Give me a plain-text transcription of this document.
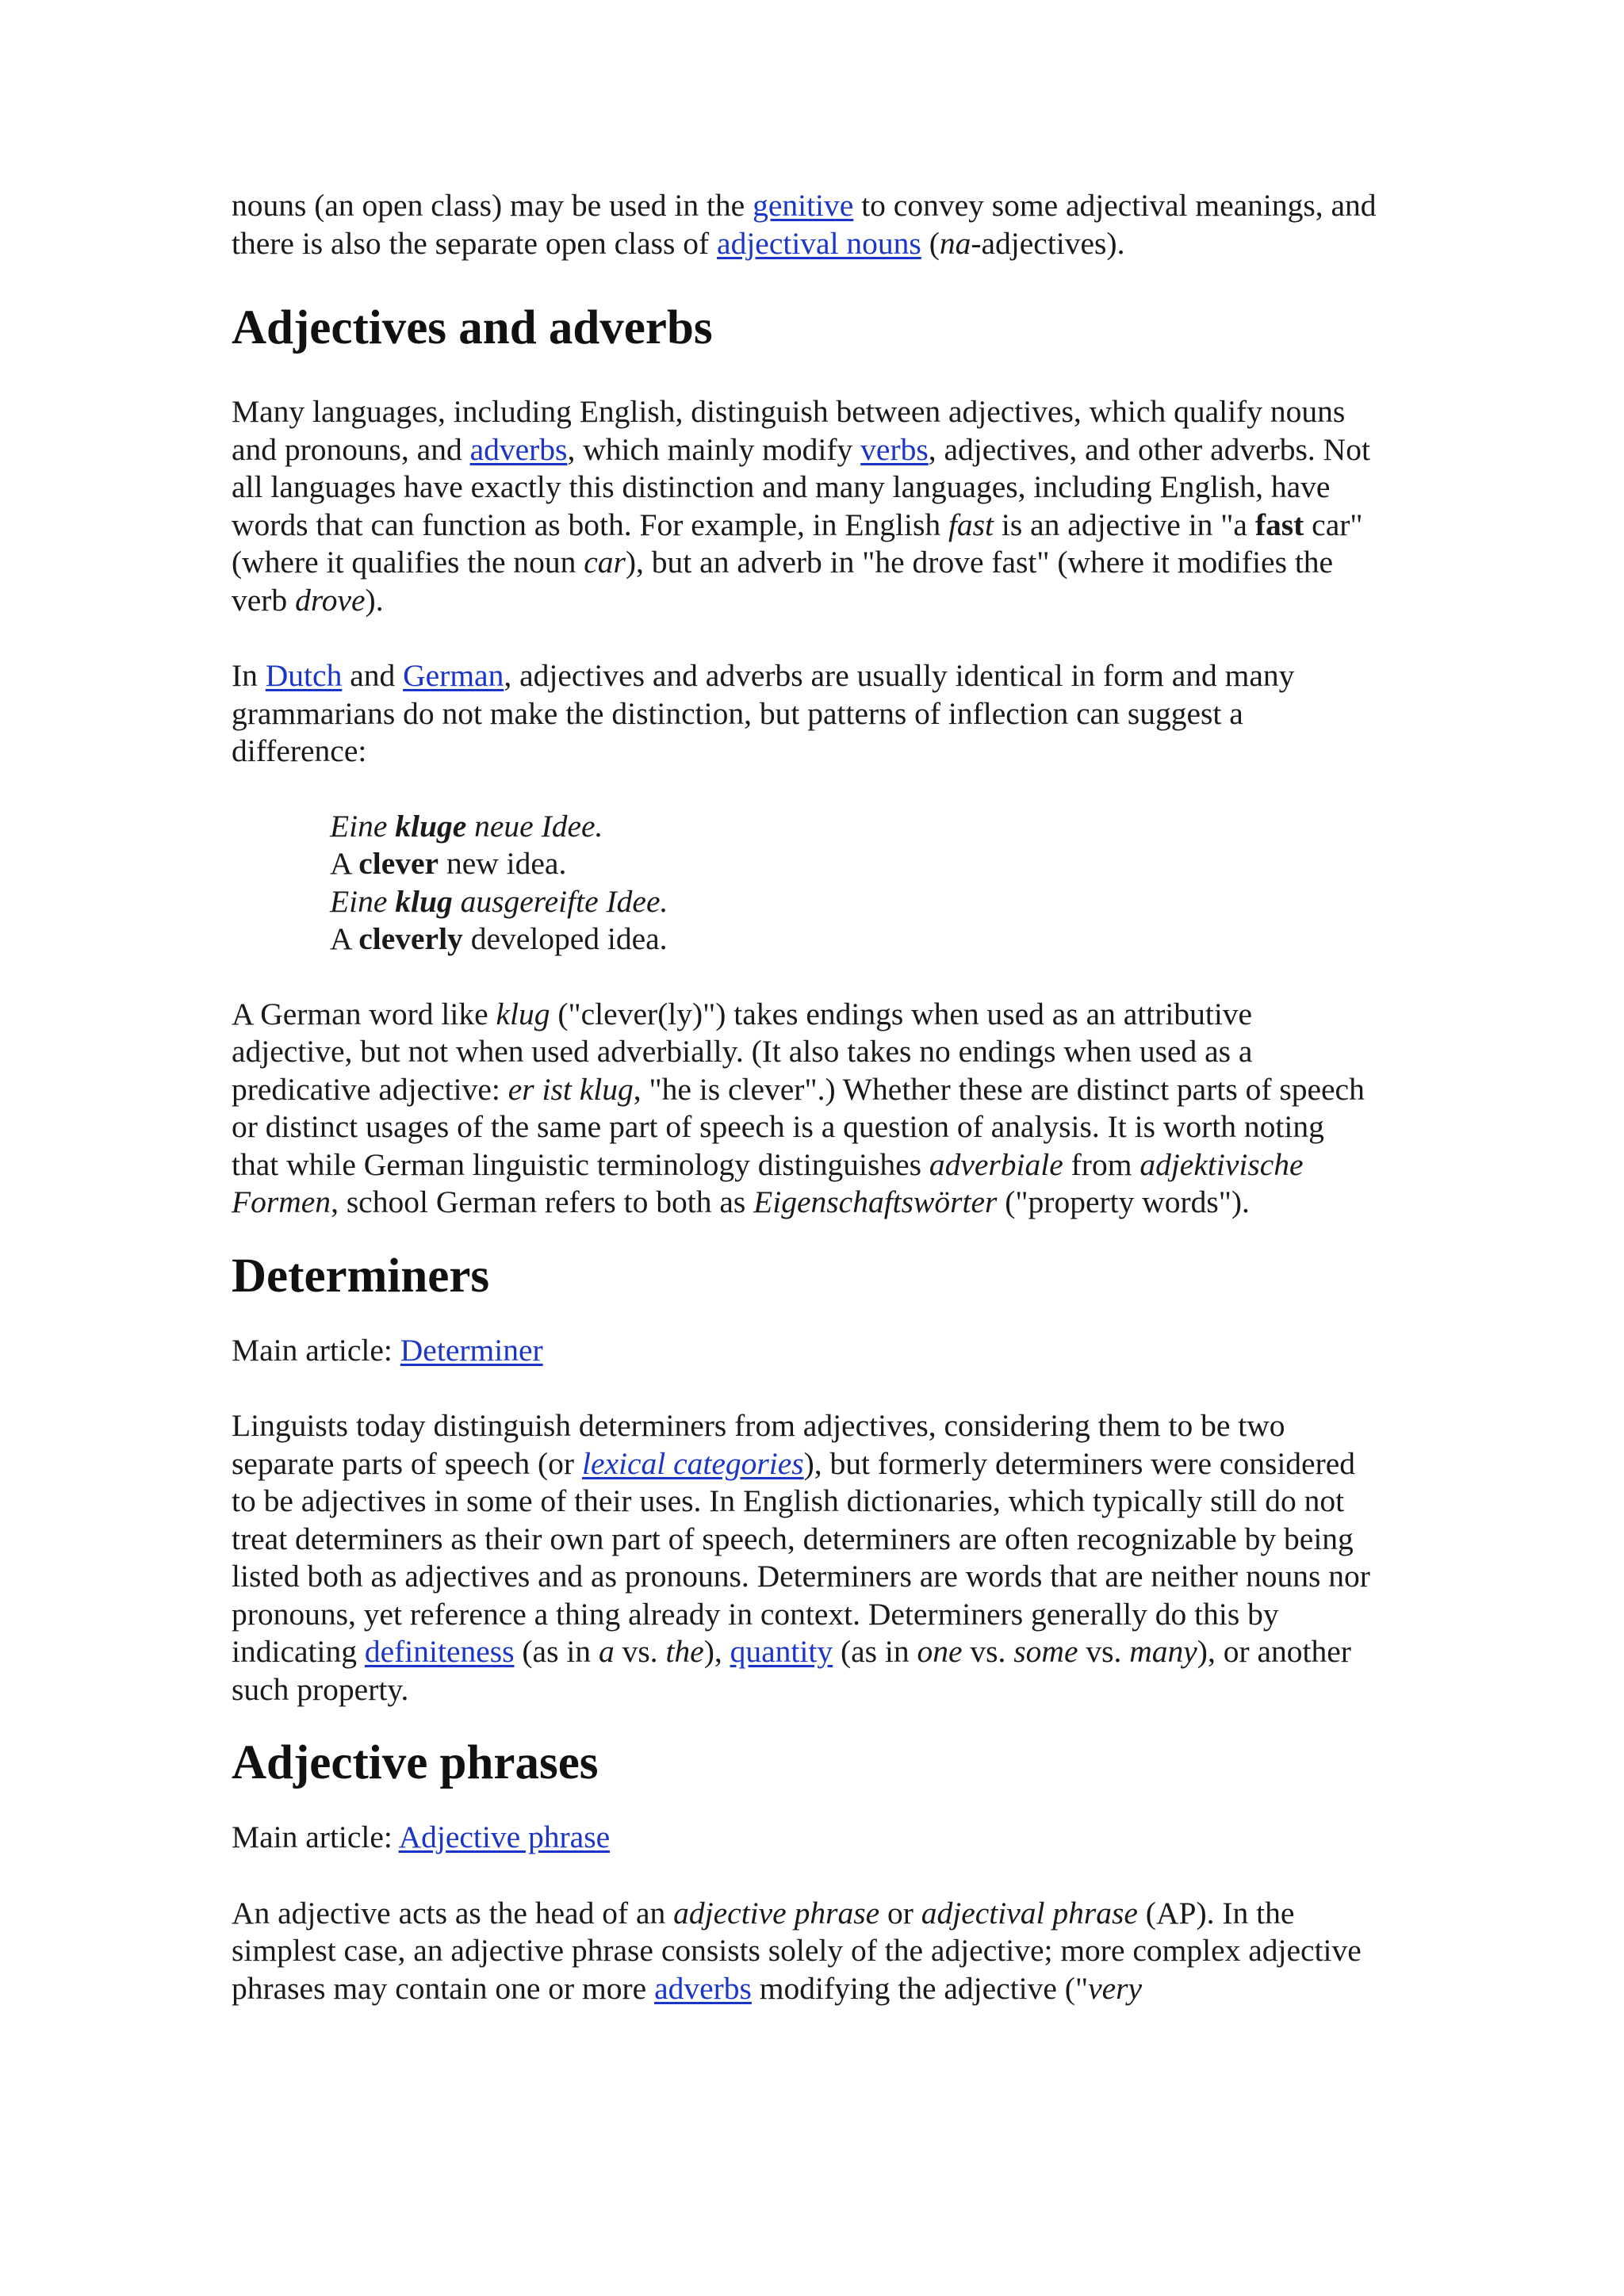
nouns (an open class) may be used in the genitive to convey some adjectival meanings, and there is also the separate open class of adjectival nouns (na-adjectives).

Adjectives and adverbs

Many languages, including English, distinguish between adjectives, which qualify nouns and pronouns, and adverbs, which mainly modify verbs, adjectives, and other adverbs. Not all languages have exactly this distinction and many languages, including English, have words that can function as both. For example, in English fast is an adjective in "a fast car" (where it qualifies the noun car), but an adverb in "he drove fast" (where it modifies the verb drove).

In Dutch and German, adjectives and adverbs are usually identical in form and many grammarians do not make the distinction, but patterns of inflection can suggest a difference:

Eine kluge neue Idee.
A clever new idea.
Eine klug ausgereifte Idee.
A cleverly developed idea.

A German word like klug ("clever(ly)") takes endings when used as an attributive adjective, but not when used adverbially. (It also takes no endings when used as a predicative adjective: er ist klug, "he is clever".) Whether these are distinct parts of speech or distinct usages of the same part of speech is a question of analysis. It is worth noting that while German linguistic terminology distinguishes adverbiale from adjektivische Formen, school German refers to both as Eigenschaftswörter ("property words").

Determiners

Main article: Determiner

Linguists today distinguish determiners from adjectives, considering them to be two separate parts of speech (or lexical categories), but formerly determiners were considered to be adjectives in some of their uses. In English dictionaries, which typically still do not treat determiners as their own part of speech, determiners are often recognizable by being listed both as adjectives and as pronouns. Determiners are words that are neither nouns nor pronouns, yet reference a thing already in context. Determiners generally do this by indicating definiteness (as in a vs. the), quantity (as in one vs. some vs. many), or another such property.

Adjective phrases

Main article: Adjective phrase

An adjective acts as the head of an adjective phrase or adjectival phrase (AP). In the simplest case, an adjective phrase consists solely of the adjective; more complex adjective phrases may contain one or more adverbs modifying the adjective ("very
